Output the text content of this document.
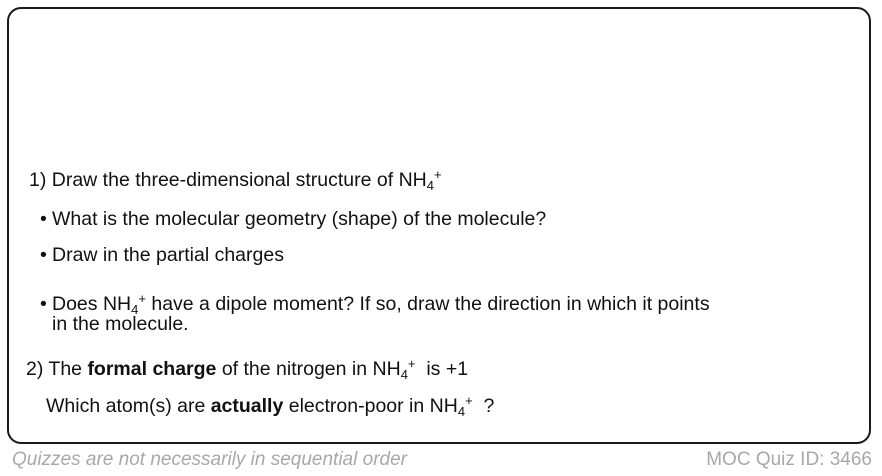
1) Draw the three-dimensional structure of $NH_4^+$
• What is the molecular geometry (shape) of the molecule?
• Draw in the partial charges
• Does $NH_4^+$ have a dipole moment? If so, draw the direction in which it points
in the molecule.
2) The formal charge of the nitrogen in $NH_4^+$  is +1
Which atom(s) are actually electron-poor in $NH_4^+$  ?
Quizzes are not necessarily in sequential order	MOC Quiz ID: 3466
